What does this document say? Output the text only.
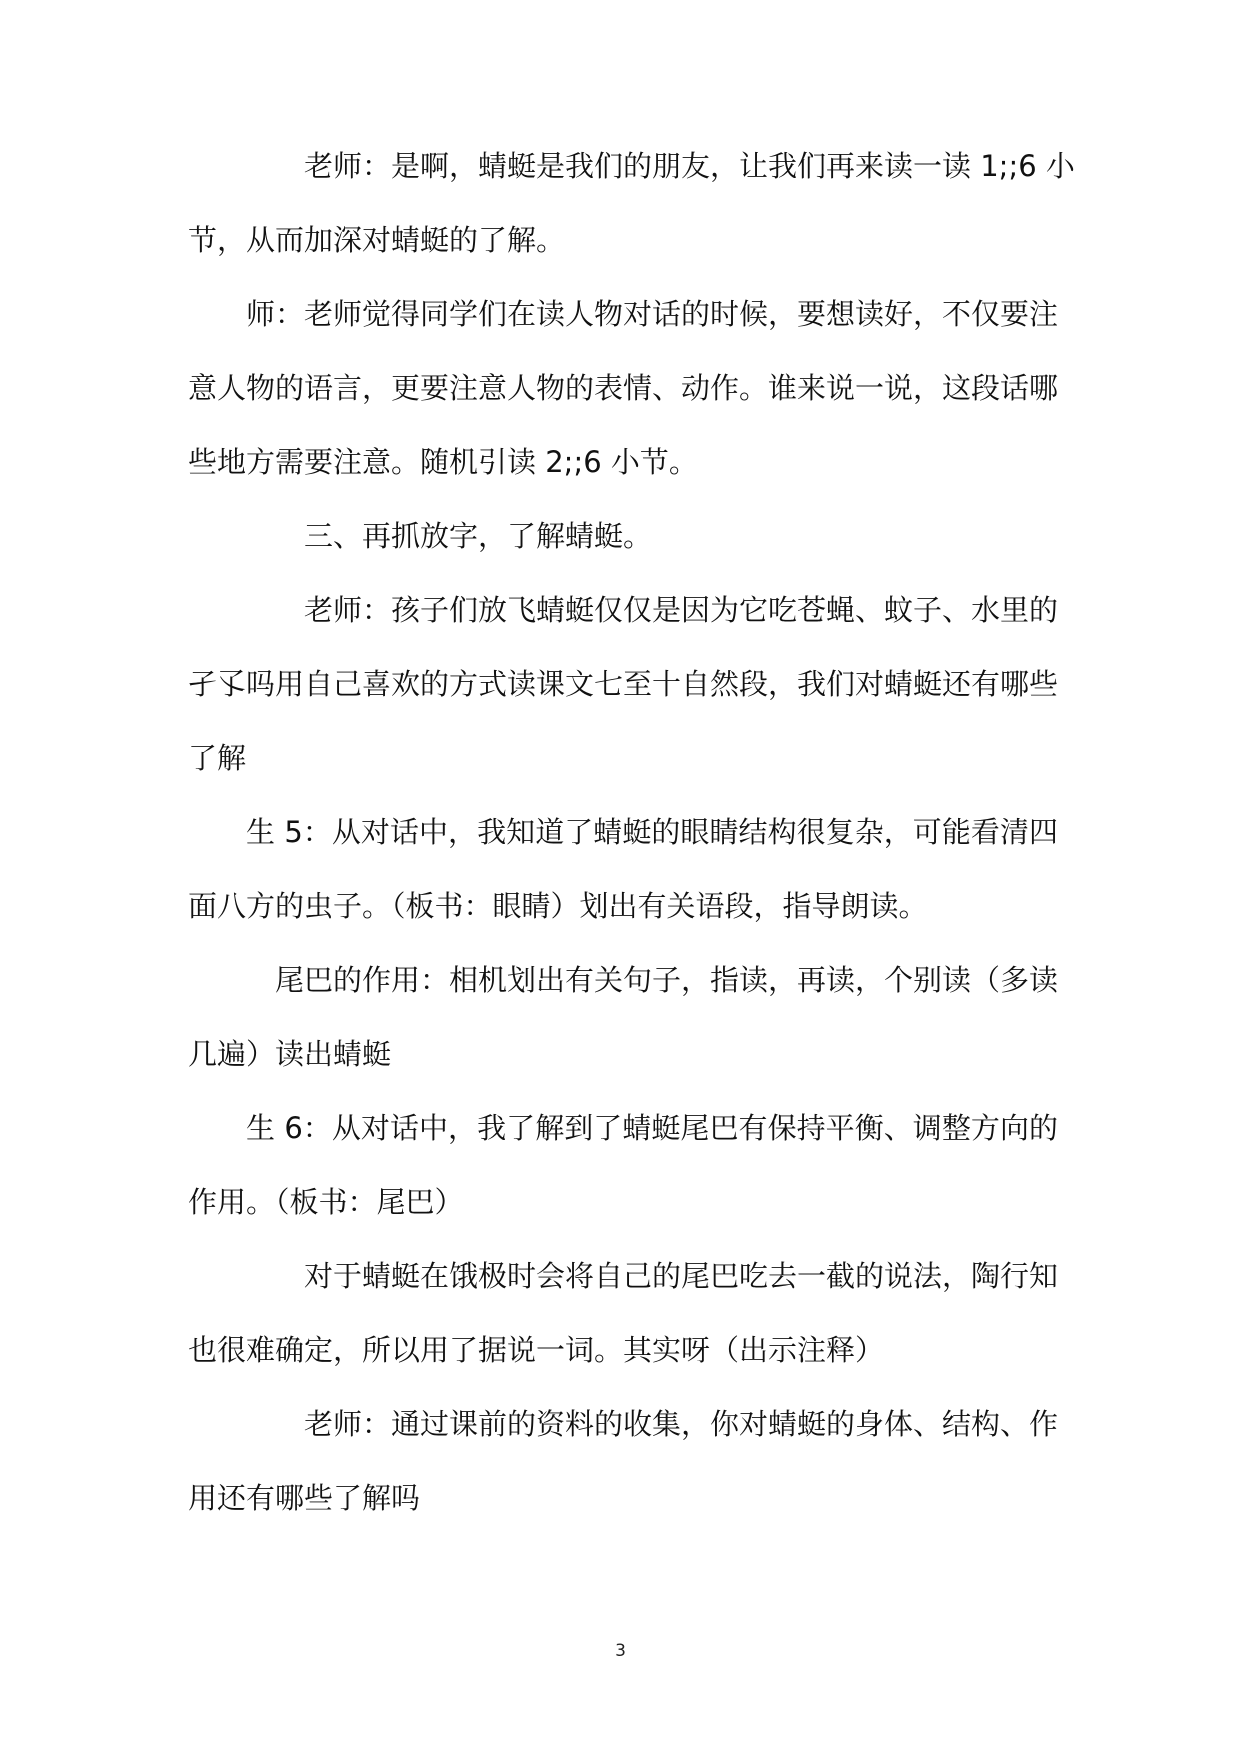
老师：是啊，蜻蜓是我们的朋友，让我们再来读一读 1;;6 小
节，从而加深对蜻蜓的了解。
师：老师觉得同学们在读人物对话的时候，要想读好，不仅要注
意人物的语言，更要注意人物的表情、动作。谁来说一说，这段话哪
些地方需要注意。随机引读 2;;6 小节。
三、再抓放字，了解蜻蜓。
老师：孩子们放飞蜻蜓仅仅是因为它吃苍蝇、蚊子、水里的
孑孓吗用自己喜欢的方式读课文七至十自然段，我们对蜻蜓还有哪些
了解
生 5：从对话中，我知道了蜻蜓的眼睛结构很复杂，可能看清四
面八方的虫子。（板书：眼睛）划出有关语段，指导朗读。
尾巴的作用：相机划出有关句子，指读，再读，个别读（多读
几遍）读出蜻蜓
生 6：从对话中，我了解到了蜻蜓尾巴有保持平衡、调整方向的
作用。（板书：尾巴）
对于蜻蜓在饿极时会将自己的尾巴吃去一截的说法，陶行知
也很难确定，所以用了据说一词。其实呀（出示注释）
老师：通过课前的资料的收集，你对蜻蜓的身体、结构、作
用还有哪些了解吗
3
